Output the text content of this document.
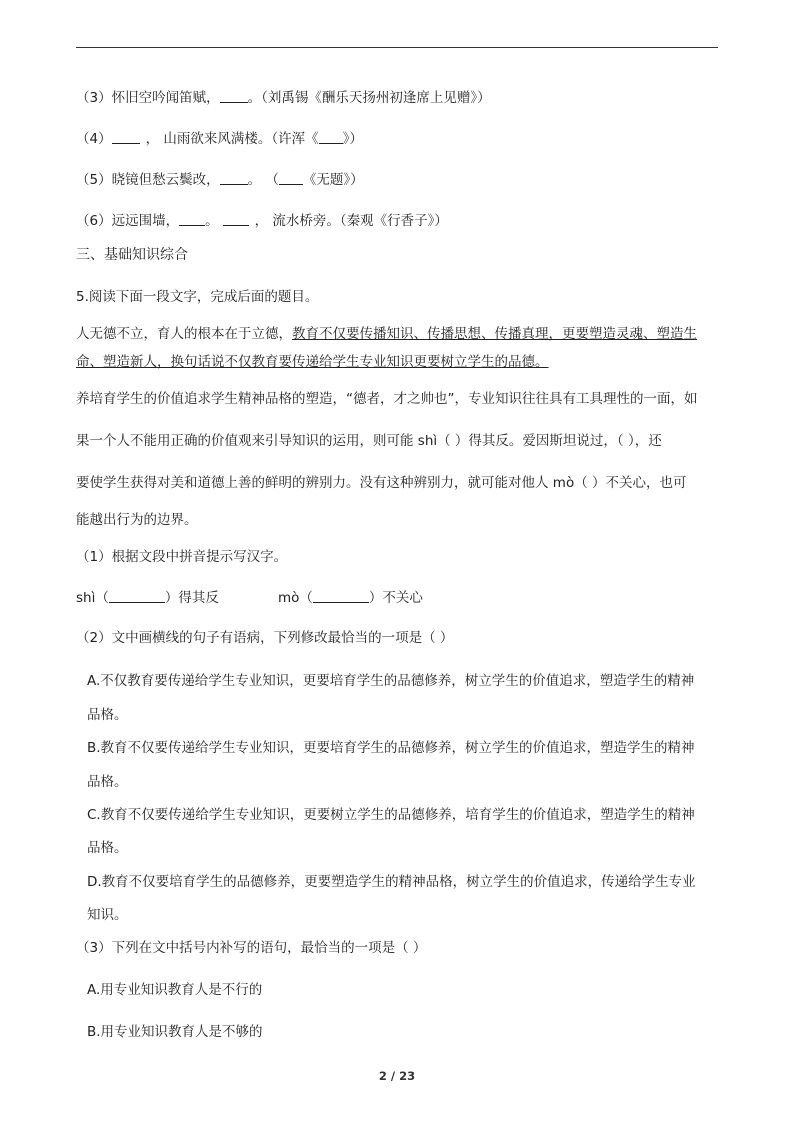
（3）怀旧空吟闻笛赋， 。（刘禹锡《酬乐天扬州初逢席上见赠》）
（4）	， 山雨欲来风满楼。（许浑《 》）
（5）晓镜但愁云鬓改， 。 （ 《无题》）
（6）远远围墙， 。	， 流水桥旁。（秦观《行香子》）
三、基础知识综合
5.阅读下面一段文字，完成后面的题目。
人无德不立，育人的根本在于立德，教育不仅要传播知识、传播思想、传播真理，更要塑造灵魂、塑造生
命、塑造新人，换句话说不仅教育要传递给学生专业知识更要树立学生的品德。
养培育学生的价值追求学生精神品格的塑造，“德者，才之帅也”，专业知识往往具有工具理性的一面，如
果一个人不能用正确的价值观来引导知识的运用，则可能 shì（ ）得其反。爱因斯坦说过，（ ），还
要使学生获得对美和道德上善的鲜明的辨别力。没有这种辨别力，就可能对他人 mò（ ）不关心，也可
能越出行为的边界。
（1）根据文段中拼音提示写汉字。
shì（	）得其反	mò（	）不关心
（2）文中画横线的句子有语病，下列修改最恰当的一项是（ ）
A.不仅教育要传递给学生专业知识，更要培育学生的品德修养，树立学生的价值追求，塑造学生的精神
品格。
B.教育不仅要传递给学生专业知识，更要培育学生的品德修养，树立学生的价值追求，塑造学生的精神
品格。
C.教育不仅要传递给学生专业知识，更要树立学生的品德修养，培育学生的价值追求，塑造学生的精神
品格。
D.教育不仅要培育学生的品德修养，更要塑造学生的精神品格，树立学生的价值追求，传递给学生专业
知识。
（3）下列在文中括号内补写的语句，最恰当的一项是（ ）
A.用专业知识教育人是不行的
B.用专业知识教育人是不够的
2 / 23
